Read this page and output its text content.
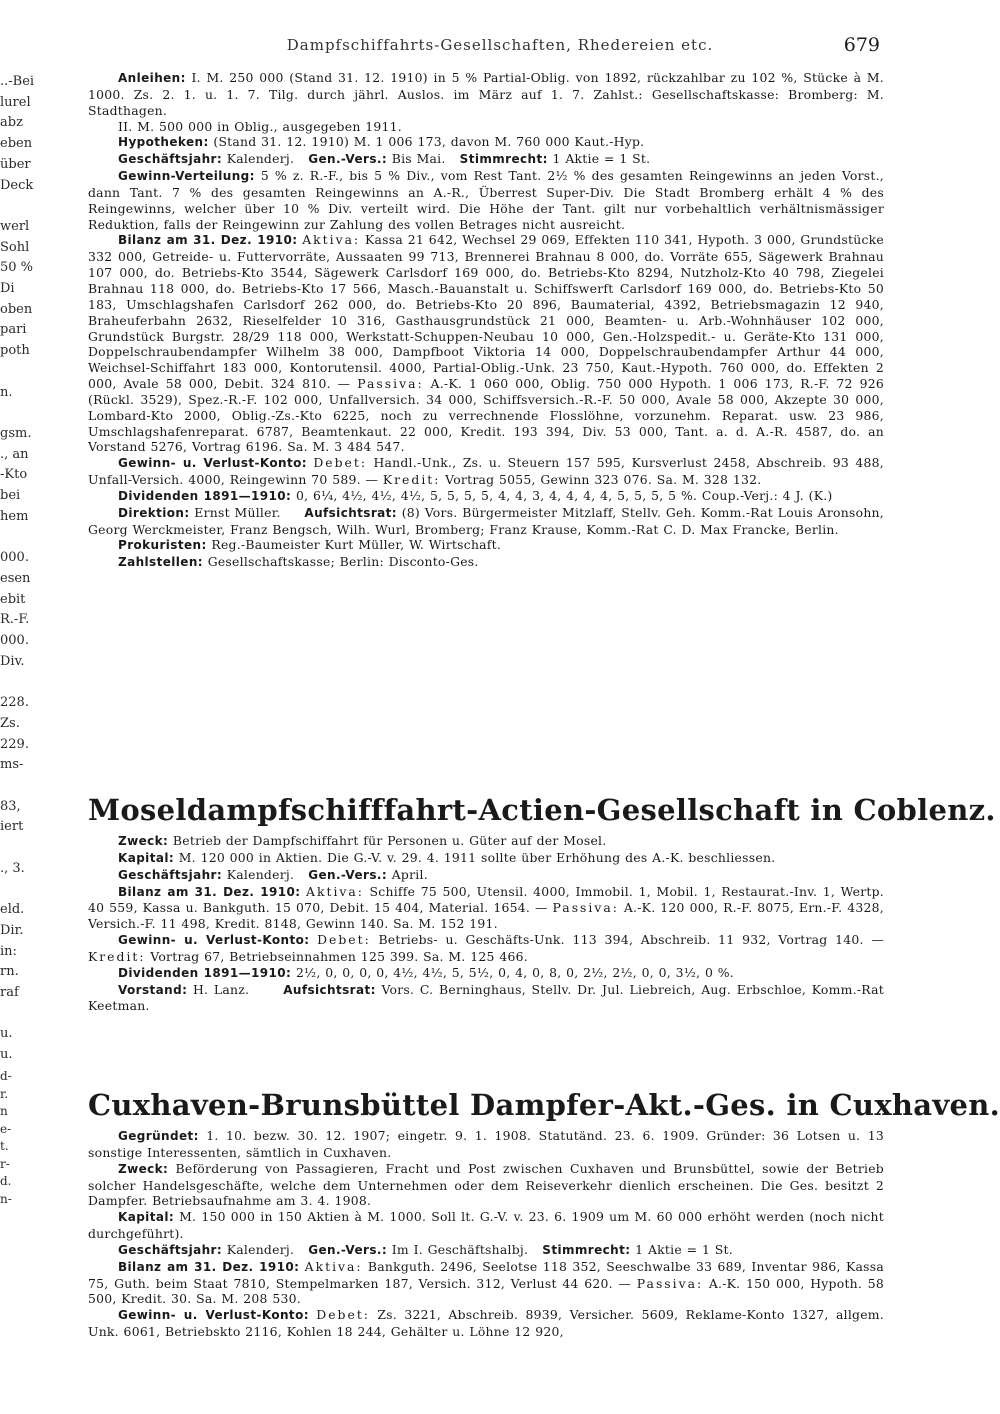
Dampfschiffahrts-Gesellschaften, Rhedereien etc.	679
..-Bei
lurel
abz
eben
über
Deck

werl
Sohl
50 %
Di
oben
pari
poth

n.

gsm.
., an
-Kto
bei
hem

000.
esen
ebit
R.-F.
000.
Div.

228.
Zs.
229.
ms-

83,
iert

., 3.

eld.
Dir.
in:
rn.
raf

u.
u.
d-
r.
n
e-
t.
r-
d.
n-

Anleihen: I. M. 250 000 (Stand 31. 12. 1910) in 5 % Partial-Oblig. von 1892, rückzahlbar zu 102 %, Stücke à M. 1000. Zs. 2. 1. u. 1. 7. Tilg. durch jährl. Auslos. im März auf 1. 7. Zahlst.: Gesellschaftskasse: Bromberg: M. Stadthagen.

II. M. 500 000 in Oblig., ausgegeben 1911.

Hypotheken: (Stand 31. 12. 1910) M. 1 006 173, davon M. 760 000 Kaut.-Hyp.

Geschäftsjahr: Kalenderj. Gen.-Vers.: Bis Mai. Stimmrecht: 1 Aktie = 1 St.

Gewinn-Verteilung: 5 % z. R.-F., bis 5 % Div., vom Rest Tant. 2½ % des gesamten Reingewinns an jeden Vorst., dann Tant. 7 % des gesamten Reingewinns an A.-R., Überrest Super-Div. Die Stadt Bromberg erhält 4 % des Reingewinns, welcher über 10 % Div. verteilt wird. Die Höhe der Tant. gilt nur vorbehaltlich verhältnismässiger Reduktion, falls der Reingewinn zur Zahlung des vollen Betrages nicht ausreicht.

Bilanz am 31. Dez. 1910: Aktiva: Kassa 21 642, Wechsel 29 069, Effekten 110 341, Hypoth. 3 000, Grundstücke 332 000, Getreide- u. Futtervorräte, Aussaaten 99 713, Brennerei Brahnau 8 000, do. Vorräte 655, Sägewerk Brahnau 107 000, do. Betriebs-Kto 3544, Sägewerk Carlsdorf 169 000, do. Betriebs-Kto 8294, Nutzholz-Kto 40 798, Ziegelei Brahnau 118 000, do. Betriebs-Kto 17 566, Masch.-Bauanstalt u. Schiffswerft Carlsdorf 169 000, do. Betriebs-Kto 50 183, Umschlagshafen Carlsdorf 262 000, do. Betriebs-Kto 20 896, Baumaterial, 4392, Betriebsmagazin 12 940, Braheuferbahn 2632, Rieselfelder 10 316, Gasthausgrundstück 21 000, Beamten- u. Arb.-Wohnhäuser 102 000, Grundstück Burgstr. 28/29 118 000, Werkstatt-Schuppen-Neubau 10 000, Gen.-Holzspedit.- u. Geräte-Kto 131 000, Doppelschraubendampfer Wilhelm 38 000, Dampfboot Viktoria 14 000, Doppelschraubendampfer Arthur 44 000, Weichsel-Schiffahrt 183 000, Kontorutensil. 4000, Partial-Oblig.-Unk. 23 750, Kaut.-Hypoth. 760 000, do. Effekten 2 000, Avale 58 000, Debit. 324 810. — Passiva: A.-K. 1 060 000, Oblig. 750 000 Hypoth. 1 006 173, R.-F. 72 926 (Rückl. 3529), Spez.-R.-F. 102 000, Unfallversich. 34 000, Schiffsversich.-R.-F. 50 000, Avale 58 000, Akzepte 30 000, Lombard-Kto 2000, Oblig.-Zs.-Kto 6225, noch zu verrechnende Flosslöhne, vorzunehm. Reparat. usw. 23 986, Umschlagshafenreparat. 6787, Beamtenkaut. 22 000, Kredit. 193 394, Div. 53 000, Tant. a. d. A.-R. 4587, do. an Vorstand 5276, Vortrag 6196. Sa. M. 3 484 547.

Gewinn- u. Verlust-Konto: Debet: Handl.-Unk., Zs. u. Steuern 157 595, Kursverlust 2458, Abschreib. 93 488, Unfall-Versich. 4000, Reingewinn 70 589. — Kredit: Vortrag 5055, Gewinn 323 076. Sa. M. 328 132.

Dividenden 1891—1910: 0, 6¼, 4½, 4½, 4½, 5, 5, 5, 5, 4, 4, 3, 4, 4, 4, 4, 5, 5, 5, 5 %. Coup.-Verj.: 4 J. (K.)

Direktion: Ernst Müller. Aufsichtsrat: (8) Vors. Bürgermeister Mitzlaff, Stellv. Geh. Komm.-Rat Louis Aronsohn, Georg Werckmeister, Franz Bengsch, Wilh. Wurl, Bromberg; Franz Krause, Komm.-Rat C. D. Max Francke, Berlin.

Prokuristen: Reg.-Baumeister Kurt Müller, W. Wirtschaft.

Zahlstellen: Gesellschaftskasse; Berlin: Disconto-Ges.

Moseldampfschifffahrt-Actien-Gesellschaft in Coblenz.

Zweck: Betrieb der Dampfschiffahrt für Personen u. Güter auf der Mosel.

Kapital: M. 120 000 in Aktien. Die G.-V. v. 29. 4. 1911 sollte über Erhöhung des A.-K. beschliessen.

Geschäftsjahr: Kalenderj. Gen.-Vers.: April.

Bilanz am 31. Dez. 1910: Aktiva: Schiffe 75 500, Utensil. 4000, Immobil. 1, Mobil. 1, Restaurat.-Inv. 1, Wertp. 40 559, Kassa u. Bankguth. 15 070, Debit. 15 404, Material. 1654. — Passiva: A.-K. 120 000, R.-F. 8075, Ern.-F. 4328, Versich.-F. 11 498, Kredit. 8148, Gewinn 140. Sa. M. 152 191.

Gewinn- u. Verlust-Konto: Debet: Betriebs- u. Geschäfts-Unk. 113 394, Abschreib. 11 932, Vortrag 140. — Kredit: Vortrag 67, Betriebseinnahmen 125 399. Sa. M. 125 466.

Dividenden 1891—1910: 2½, 0, 0, 0, 0, 4½, 4½, 5, 5½, 0, 4, 0, 8, 0, 2½, 2½, 0, 0, 3½, 0 %.

Vorstand: H. Lanz.	Aufsichtsrat: Vors. C. Berninghaus, Stellv. Dr. Jul. Liebreich, Aug. Erbschloe, Komm.-Rat Keetman.

Cuxhaven-Brunsbüttel Dampfer-Akt.-Ges. in Cuxhaven.

Gegründet: 1. 10. bezw. 30. 12. 1907; eingetr. 9. 1. 1908. Statutänd. 23. 6. 1909. Gründer: 36 Lotsen u. 13 sonstige Interessenten, sämtlich in Cuxhaven.

Zweck: Beförderung von Passagieren, Fracht und Post zwischen Cuxhaven und Brunsbüttel, sowie der Betrieb solcher Handelsgeschäfte, welche dem Unternehmen oder dem Reiseverkehr dienlich erscheinen. Die Ges. besitzt 2 Dampfer. Betriebsaufnahme am 3. 4. 1908.

Kapital: M. 150 000 in 150 Aktien à M. 1000. Soll lt. G.-V. v. 23. 6. 1909 um M. 60 000 erhöht werden (noch nicht durchgeführt).

Geschäftsjahr: Kalenderj. Gen.-Vers.: Im I. Geschäftshalbj. Stimmrecht: 1 Aktie = 1 St.

Bilanz am 31. Dez. 1910: Aktiva: Bankguth. 2496, Seelotse 118 352, Seeschwalbe 33 689, Inventar 986, Kassa 75, Guth. beim Staat 7810, Stempelmarken 187, Versich. 312, Verlust 44 620. — Passiva: A.-K. 150 000, Hypoth. 58 500, Kredit. 30. Sa. M. 208 530.

Gewinn- u. Verlust-Konto: Debet: Zs. 3221, Abschreib. 8939, Versicher. 5609, Reklame-Konto 1327, allgem. Unk. 6061, Betriebskto 2116, Kohlen 18 244, Gehälter u. Löhne 12 920,
